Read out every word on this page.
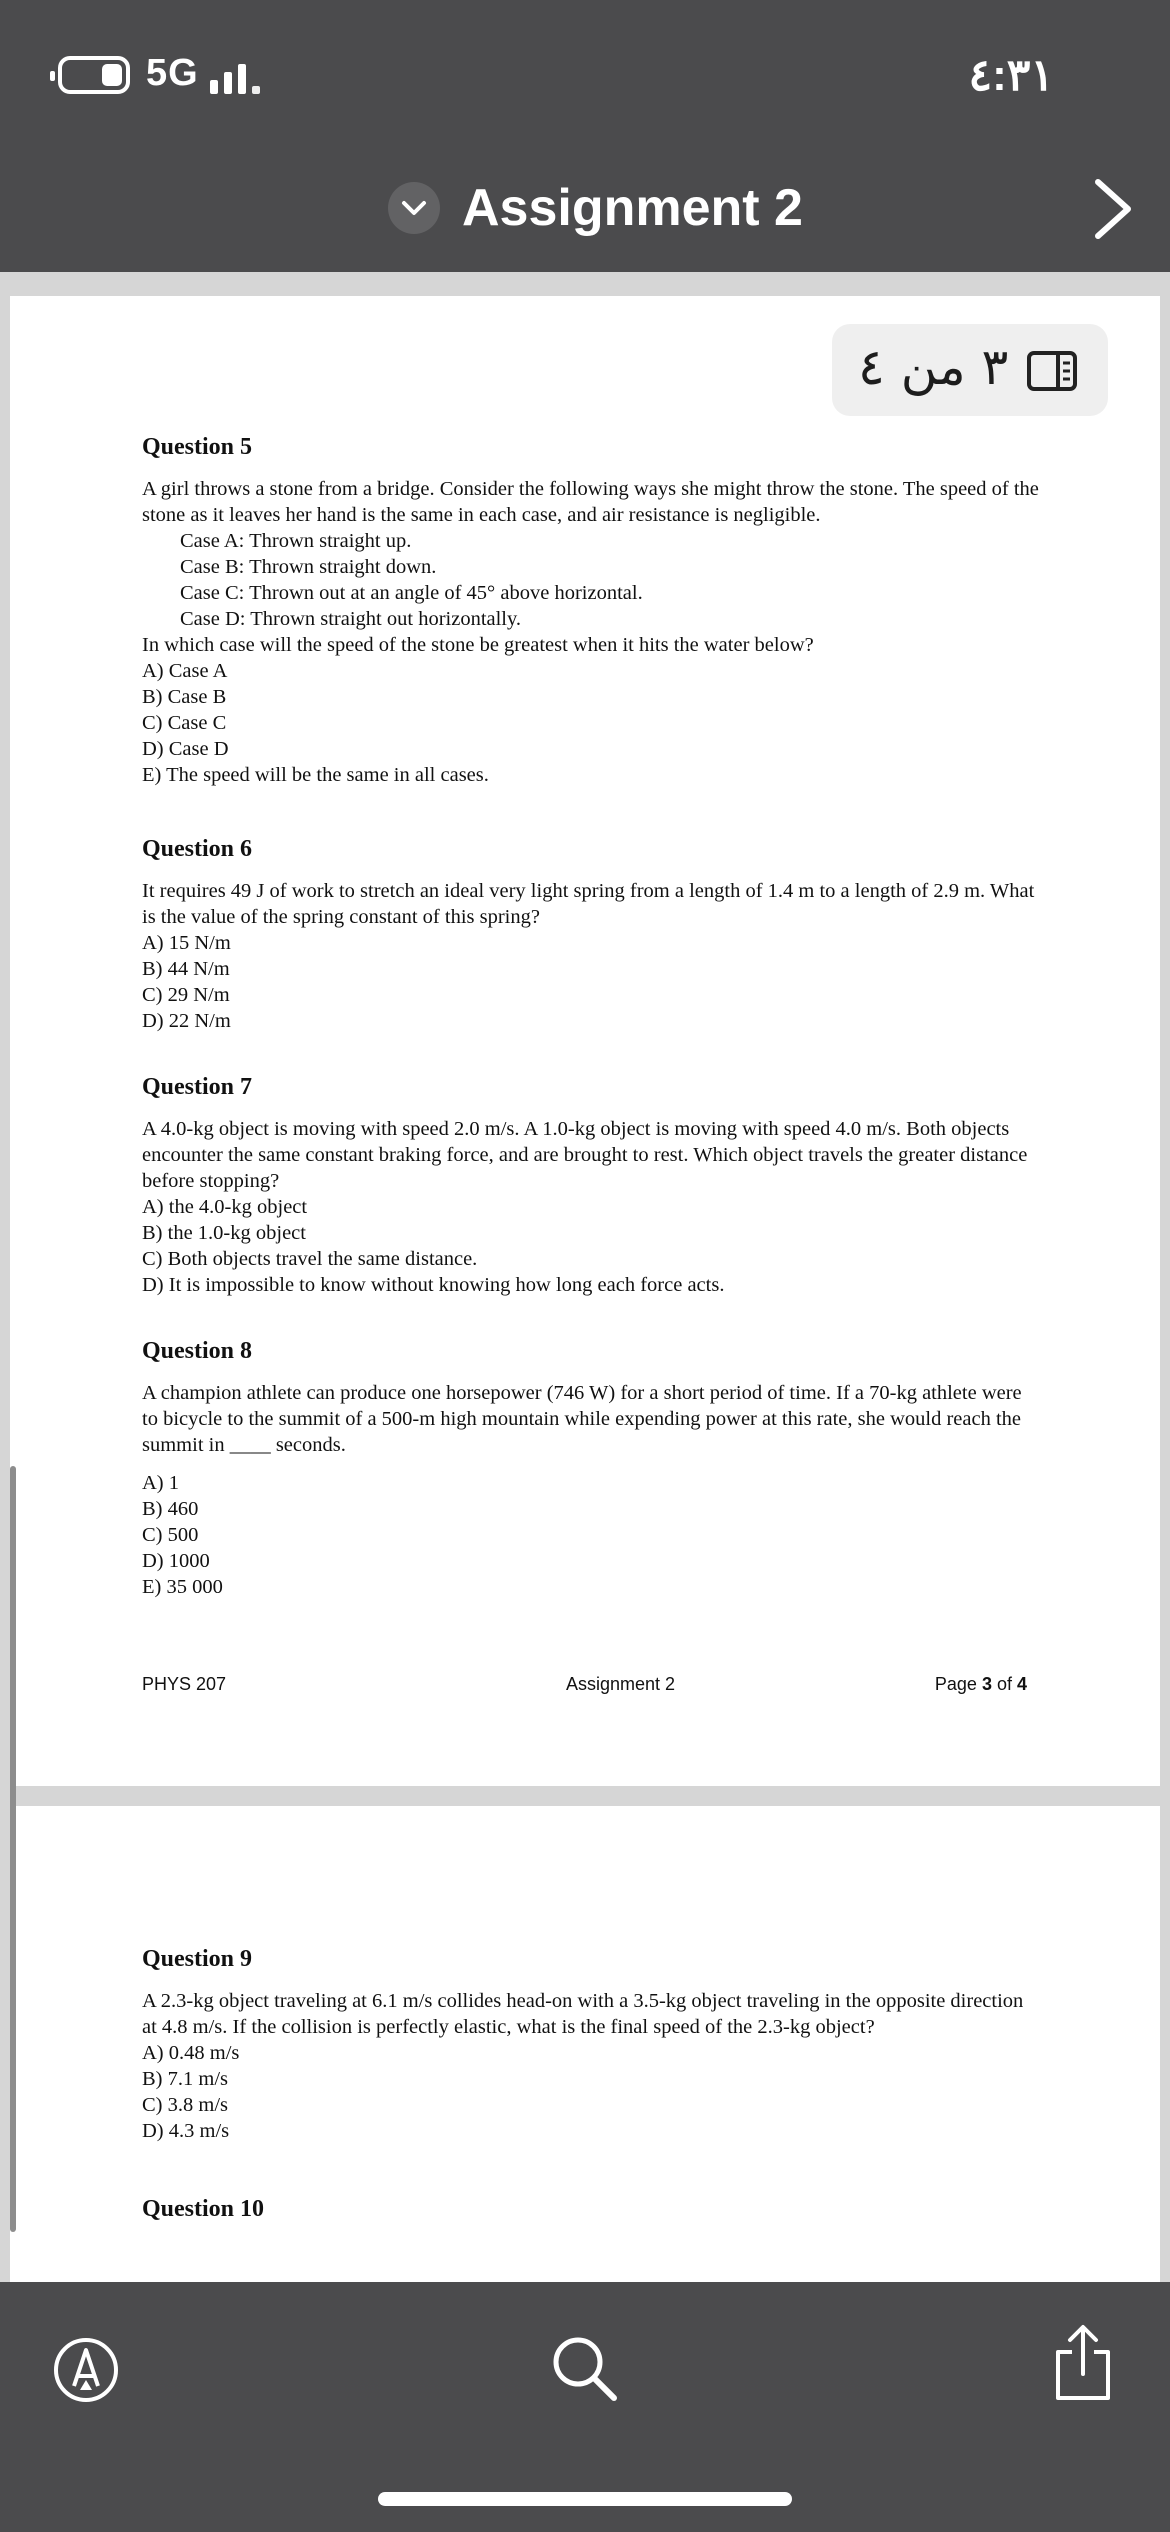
5G	٤:٣١
Assignment 2
٣ من ٤
Question 5

A girl throws a stone from a bridge. Consider the following ways she might throw the stone. The speed of the stone as it leaves her hand is the same in each case, and air resistance is negligible.

Case A: Thrown straight up.
Case B: Thrown straight down.
Case C: Thrown out at an angle of 45° above horizontal.
Case D: Thrown straight out horizontally.
In which case will the speed of the stone be greatest when it hits the water below?
A) Case A
B) Case B
C) Case C
D) Case D
E) The speed will be the same in all cases.
Question 6

It requires 49 J of work to stretch an ideal very light spring from a length of 1.4 m to a length of 2.9 m. What is the value of the spring constant of this spring?

A) 15 N/m
B) 44 N/m
C) 29 N/m
D) 22 N/m
Question 7

A 4.0-kg object is moving with speed 2.0 m/s. A 1.0-kg object is moving with speed 4.0 m/s. Both objects encounter the same constant braking force, and are brought to rest. Which object travels the greater distance before stopping?

A) the 4.0-kg object
B) the 1.0-kg object
C) Both objects travel the same distance.
D) It is impossible to know without knowing how long each force acts.
Question 8

A champion athlete can produce one horsepower (746 W) for a short period of time. If a 70-kg athlete were to bicycle to the summit of a 500-m high mountain while expending power at this rate, she would reach the summit in ____ seconds.

A) 1
B) 460
C) 500
D) 1000
E) 35 000
PHYS 207	Assignment 2	Page 3 of 4
Question 9

A 2.3-kg object traveling at 6.1 m/s collides head-on with a 3.5-kg object traveling in the opposite direction at 4.8 m/s. If the collision is perfectly elastic, what is the final speed of the 2.3-kg object?

A) 0.48 m/s
B) 7.1 m/s
C) 3.8 m/s
D) 4.3 m/s
Question 10
